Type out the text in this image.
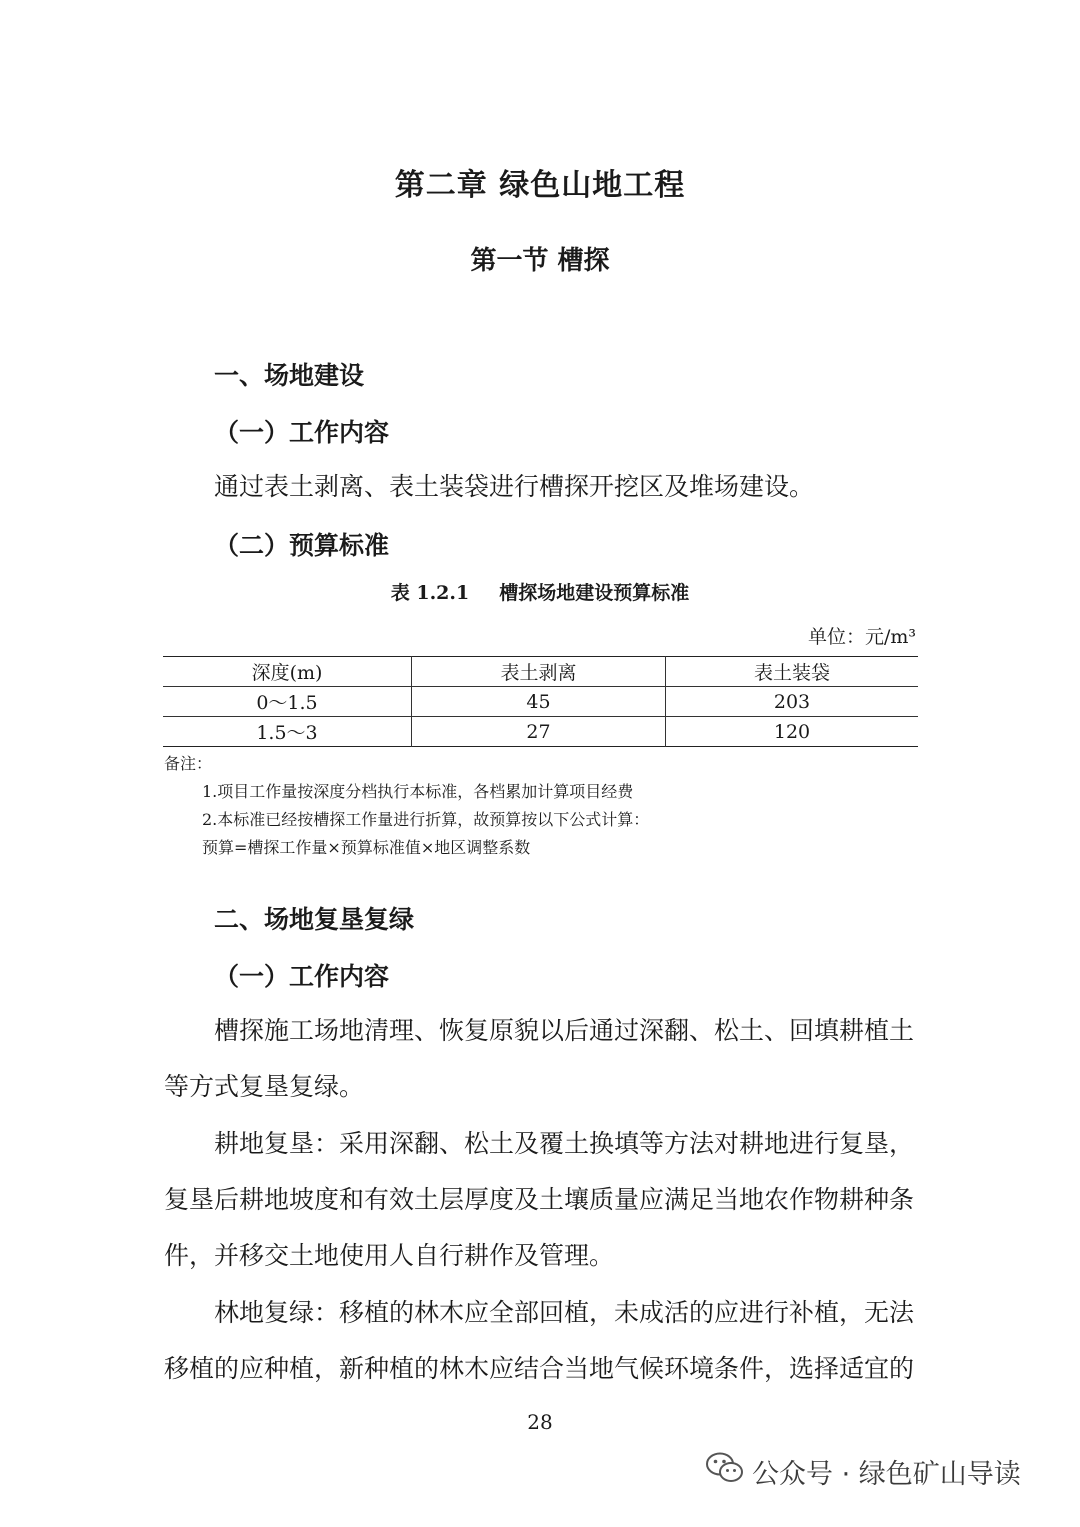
第二章 绿色山地工程
第一节 槽探
一、场地建设
（一）工作内容
通过表土剥离、表土装袋进行槽探开挖区及堆场建设。
（二）预算标准
表 1.2.1 槽探场地建设预算标准
单位：元/m³
深度(m)	表土剥离	表土装袋
0～1.5	45	203
1.5～3	27	120
备注：
1.项目工作量按深度分档执行本标准，各档累加计算项目经费
2.本标准已经按槽探工作量进行折算，故预算按以下公式计算：
预算=槽探工作量×预算标准值×地区调整系数
二、场地复垦复绿
（一）工作内容
槽探施工场地清理、恢复原貌以后通过深翻、松土、回填耕植土等方式复垦复绿。
耕地复垦：采用深翻、松土及覆土换填等方法对耕地进行复垦，复垦后耕地坡度和有效土层厚度及土壤质量应满足当地农作物耕种条件，并移交土地使用人自行耕作及管理。
林地复绿：移植的林木应全部回植，未成活的应进行补植，无法移植的应种植，新种植的林木应结合当地气候环境条件，选择适宜的
28
公众号 · 绿色矿山导读
